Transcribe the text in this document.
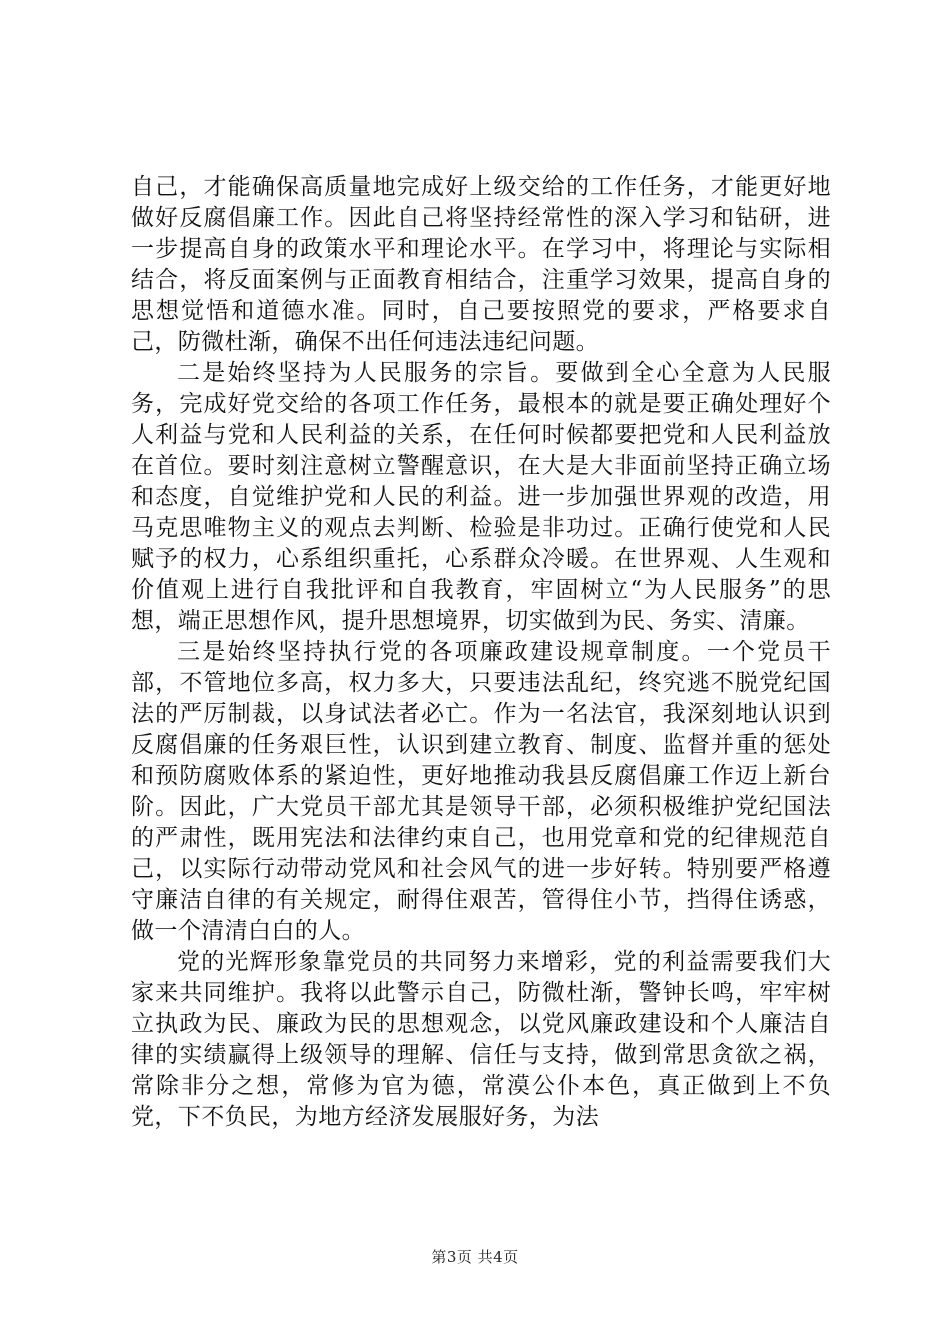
自己，才能确保高质量地完成好上级交给的工作任务，才能更好地做好反腐倡廉工作。因此自己将坚持经常性的深入学习和钻研，进一步提高自身的政策水平和理论水平。在学习中，将理论与实际相结合，将反面案例与正面教育相结合，注重学习效果，提高自身的思想觉悟和道德水准。同时，自己要按照党的要求，严格要求自己，防微杜渐，确保不出任何违法违纪问题。

二是始终坚持为人民服务的宗旨。要做到全心全意为人民服务，完成好党交给的各项工作任务，最根本的就是要正确处理好个人利益与党和人民利益的关系，在任何时候都要把党和人民利益放在首位。要时刻注意树立警醒意识，在大是大非面前坚持正确立场和态度，自觉维护党和人民的利益。进一步加强世界观的改造，用马克思唯物主义的观点去判断、检验是非功过。正确行使党和人民赋予的权力，心系组织重托，心系群众冷暖。在世界观、人生观和价值观上进行自我批评和自我教育，牢固树立“为人民服务”的思想，端正思想作风，提升思想境界，切实做到为民、务实、清廉。

三是始终坚持执行党的各项廉政建设规章制度。一个党员干部，不管地位多高，权力多大，只要违法乱纪，终究逃不脱党纪国法的严厉制裁，以身试法者必亡。作为一名法官，我深刻地认识到反腐倡廉的任务艰巨性，认识到建立教育、制度、监督并重的惩处和预防腐败体系的紧迫性，更好地推动我县反腐倡廉工作迈上新台阶。因此，广大党员干部尤其是领导干部，必须积极维护党纪国法的严肃性，既用宪法和法律约束自己，也用党章和党的纪律规范自己，以实际行动带动党风和社会风气的进一步好转。特别要严格遵守廉洁自律的有关规定，耐得住艰苦，管得住小节，挡得住诱惑，做一个清清白白的人。

党的光辉形象靠党员的共同努力来增彩，党的利益需要我们大家来共同维护。我将以此警示自己，防微杜渐，警钟长鸣，牢牢树立执政为民、廉政为民的思想观念，以党风廉政建设和个人廉洁自律的实绩赢得上级领导的理解、信任与支持，做到常思贪欲之祸，常除非分之想，常修为官为德，常漠公仆本色，真正做到上不负党，下不负民，为地方经济发展服好务，为法

第3页 共4页
